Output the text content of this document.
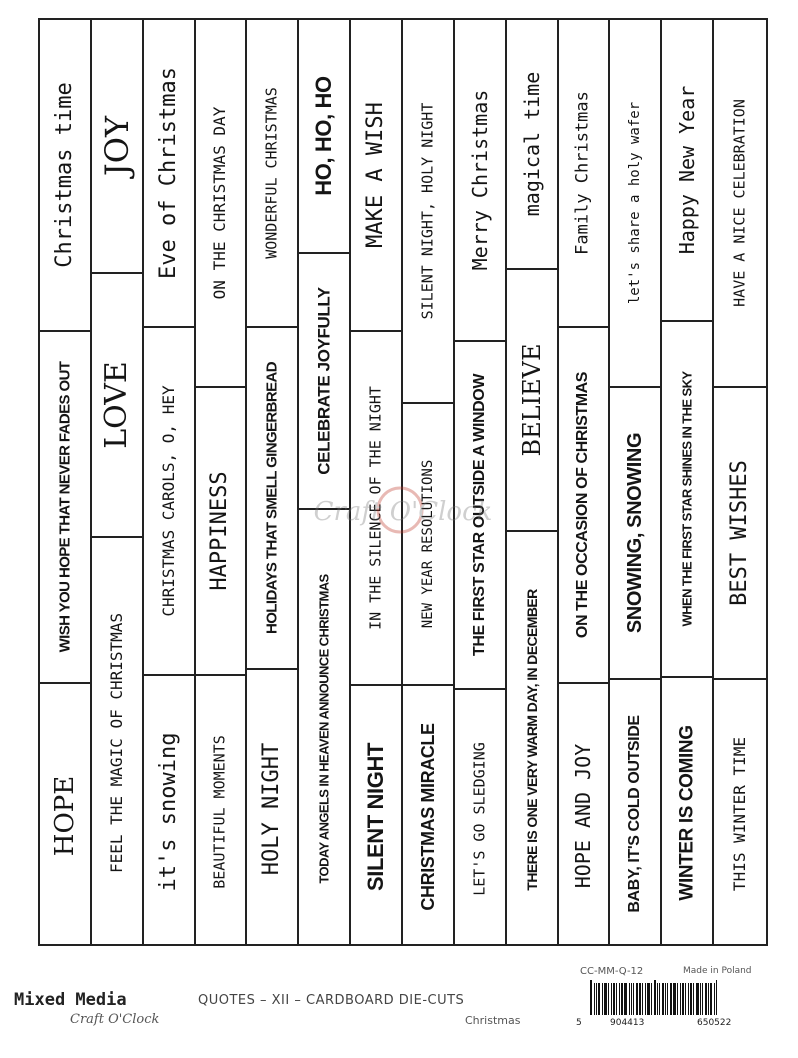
Christmas time
WISH YOU HOPE THAT NEVER FADES OUT
HOPE
JOY
LOVE
FEEL THE MAGIC OF CHRISTMAS
Eve of Christmas
CHRISTMAS CAROLS, O, HEY
it's snowing
ON THE CHRISTMAS DAY
HAPPINESS
BEAUTIFUL MOMENTS
WONDERFUL CHRISTMAS
HOLIDAYS THAT SMELL GINGERBREAD
HOLY NIGHT
HO, HO, HO
CELEBRATE JOYFULLY
TODAY ANGELS IN HEAVEN ANNOUNCE CHRISTMAS
MAKE A WISH
IN THE SILENCE OF THE NIGHT
SILENT NIGHT
SILENT NIGHT, HOLY NIGHT
NEW YEAR RESOLUTIONS
CHRISTMAS MIRACLE
Merry Christmas
THE FIRST STAR OUTSIDE A WINDOW
LET'S GO SLEDGING
magical time
BELIEVE
THERE IS ONE VERY WARM DAY, IN DECEMBER
Family Christmas
ON THE OCCASION OF CHRISTMAS
HOPE AND JOY
let's share a holy wafer
SNOWING, SNOWING
BABY, IT'S COLD OUTSIDE
Happy New Year
WHEN THE FIRST STAR SHINES IN THE SKY
WINTER IS COMING
HAVE A NICE CELEBRATION
BEST WISHES
THIS WINTER TIME
Craft O'Clock
Mixed Media
Craft O'Clock
QUOTES – XII – CARDBOARD DIE-CUTS
Christmas
CC-MM-Q-12	Made in Poland
5	904413	650522
